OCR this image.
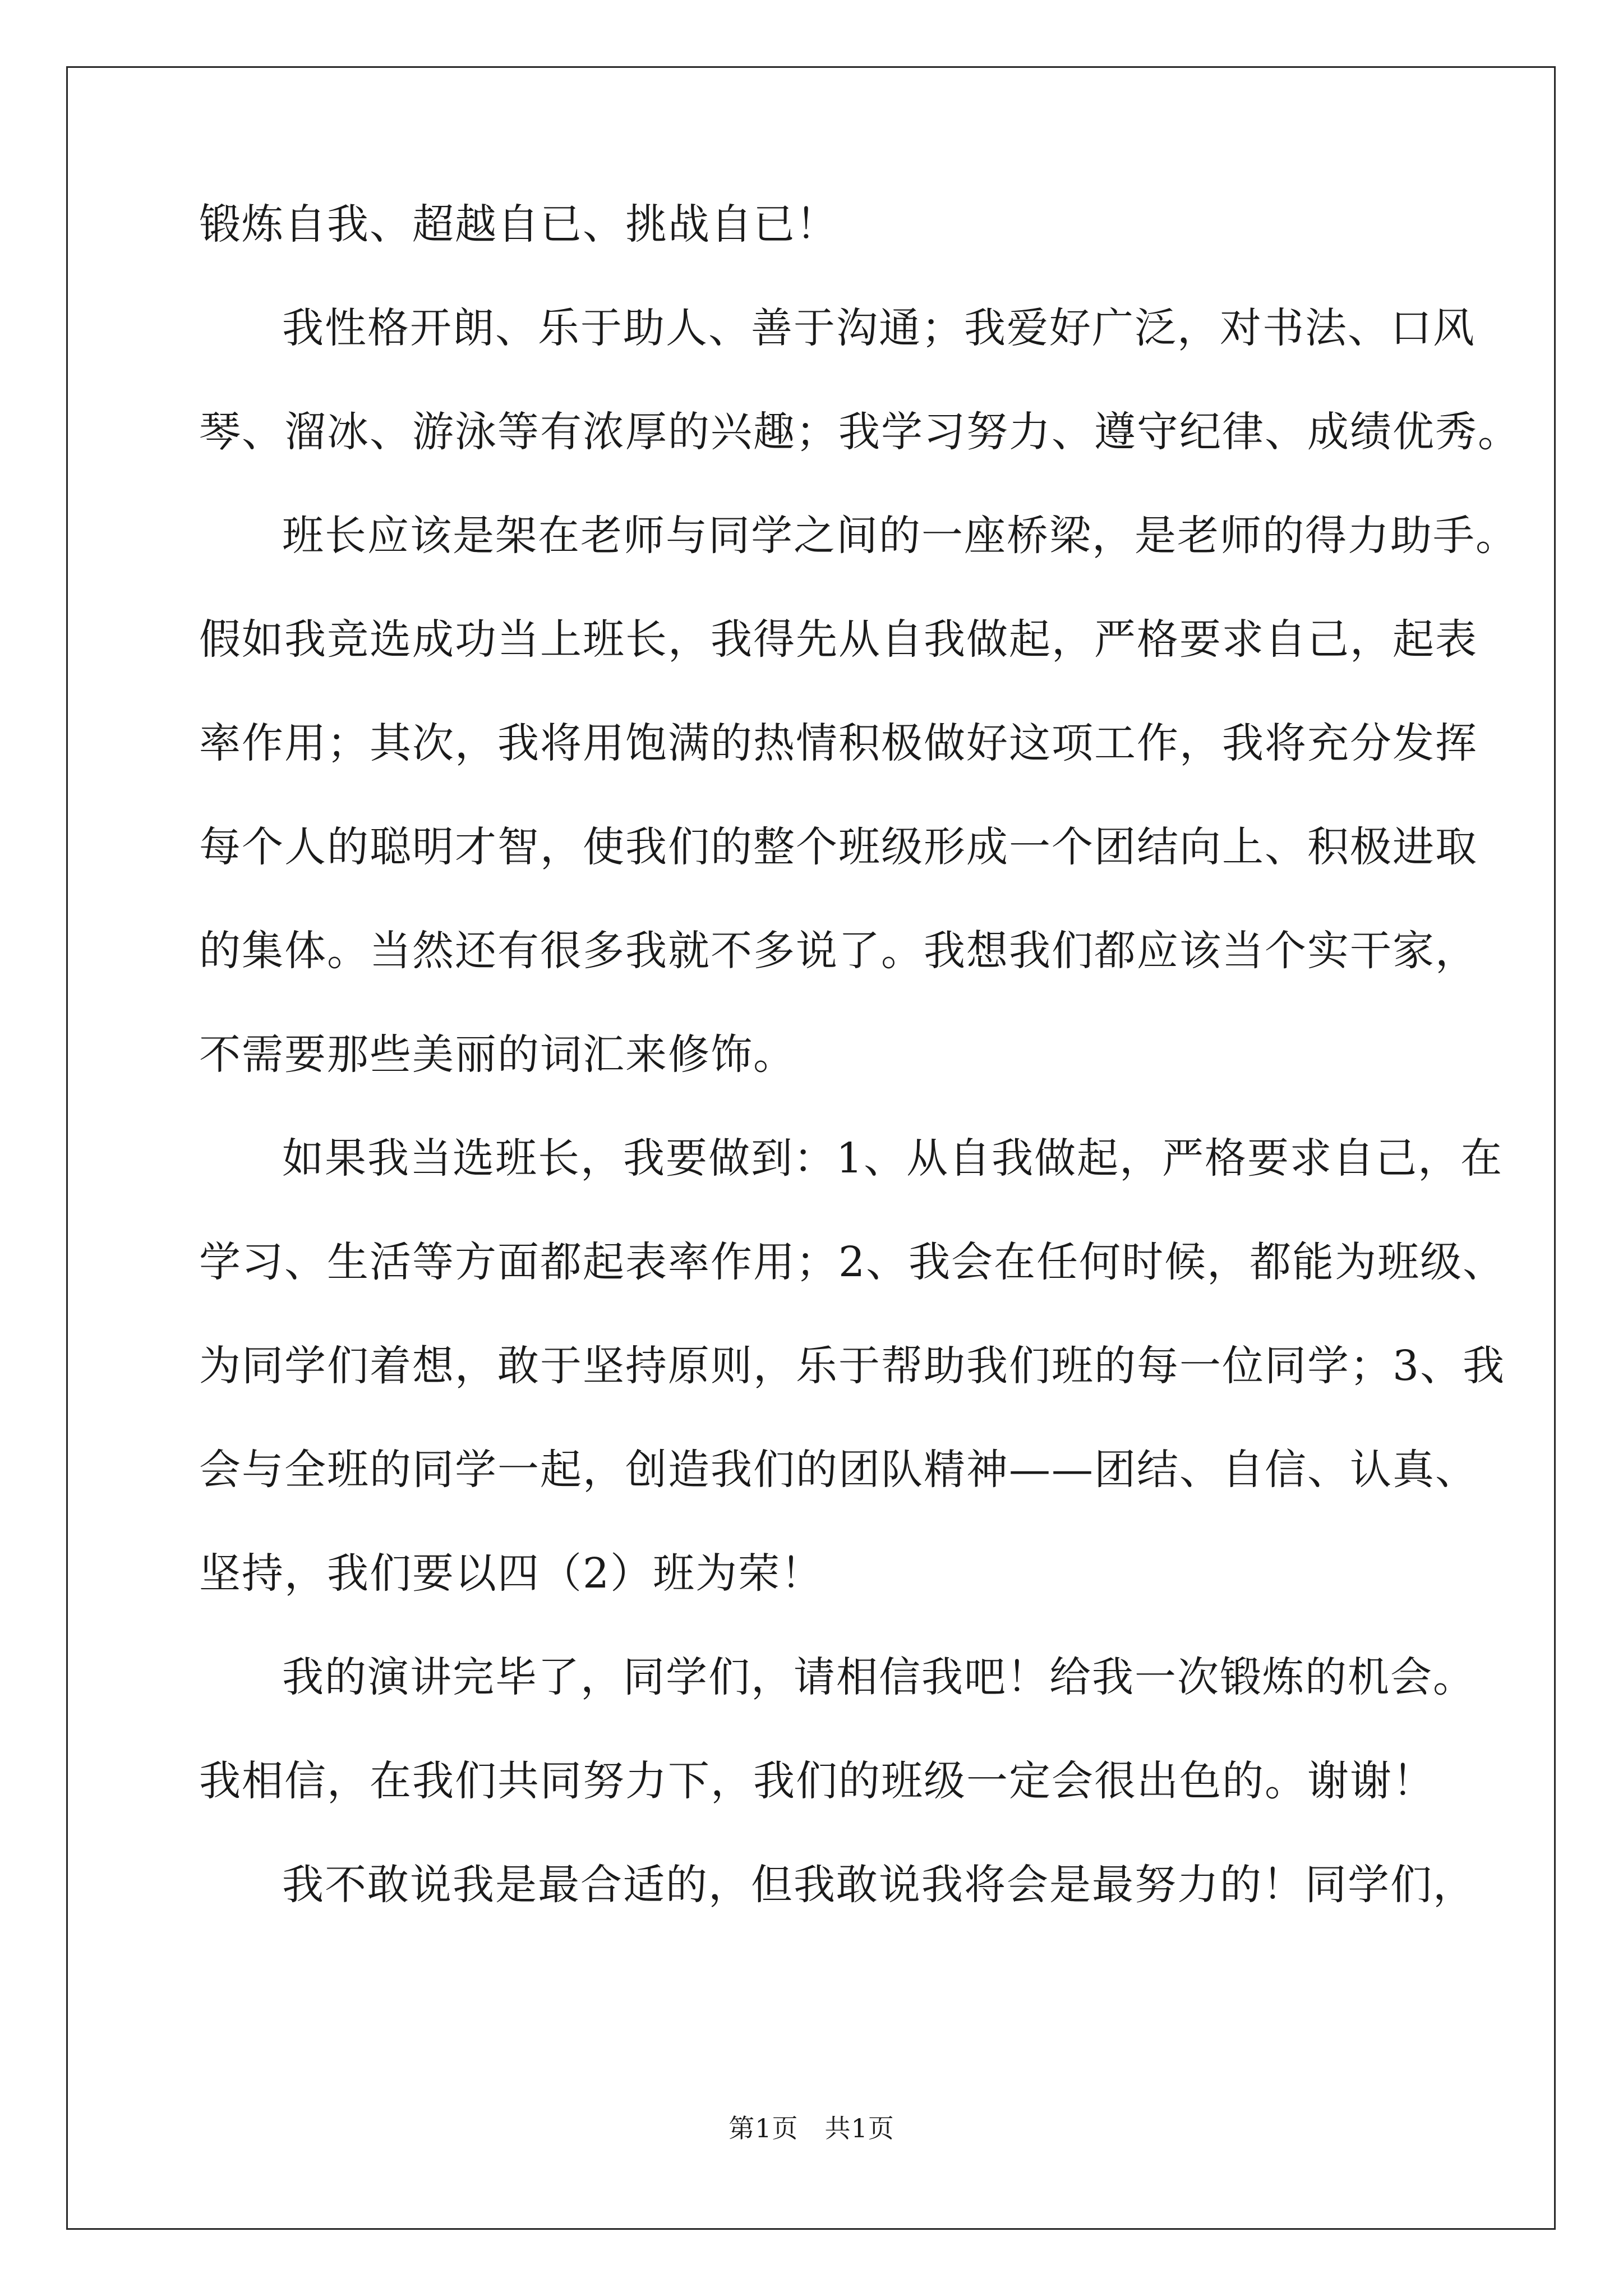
锻炼自我、超越自已、挑战自已！
我性格开朗、乐于助人、善于沟通；我爱好广泛，对书法、口风
琴、溜冰、游泳等有浓厚的兴趣；我学习努力、遵守纪律、成绩优秀。
班长应该是架在老师与同学之间的一座桥梁，是老师的得力助手。
假如我竞选成功当上班长，我得先从自我做起，严格要求自己，起表
率作用；其次，我将用饱满的热情积极做好这项工作，我将充分发挥
每个人的聪明才智，使我们的整个班级形成一个团结向上、积极进取
的集体。当然还有很多我就不多说了。我想我们都应该当个实干家，
不需要那些美丽的词汇来修饰。
如果我当选班长，我要做到：1、从自我做起，严格要求自己，在
学习、生活等方面都起表率作用；2、我会在任何时候，都能为班级、
为同学们着想，敢于坚持原则，乐于帮助我们班的每一位同学；3、我
会与全班的同学一起，创造我们的团队精神——团结、自信、认真、
坚持，我们要以四（2）班为荣！
我的演讲完毕了，同学们，请相信我吧！给我一次锻炼的机会。
我相信，在我们共同努力下，我们的班级一定会很出色的。谢谢！
我不敢说我是最合适的，但我敢说我将会是最努力的！同学们，
第1页　共1页
